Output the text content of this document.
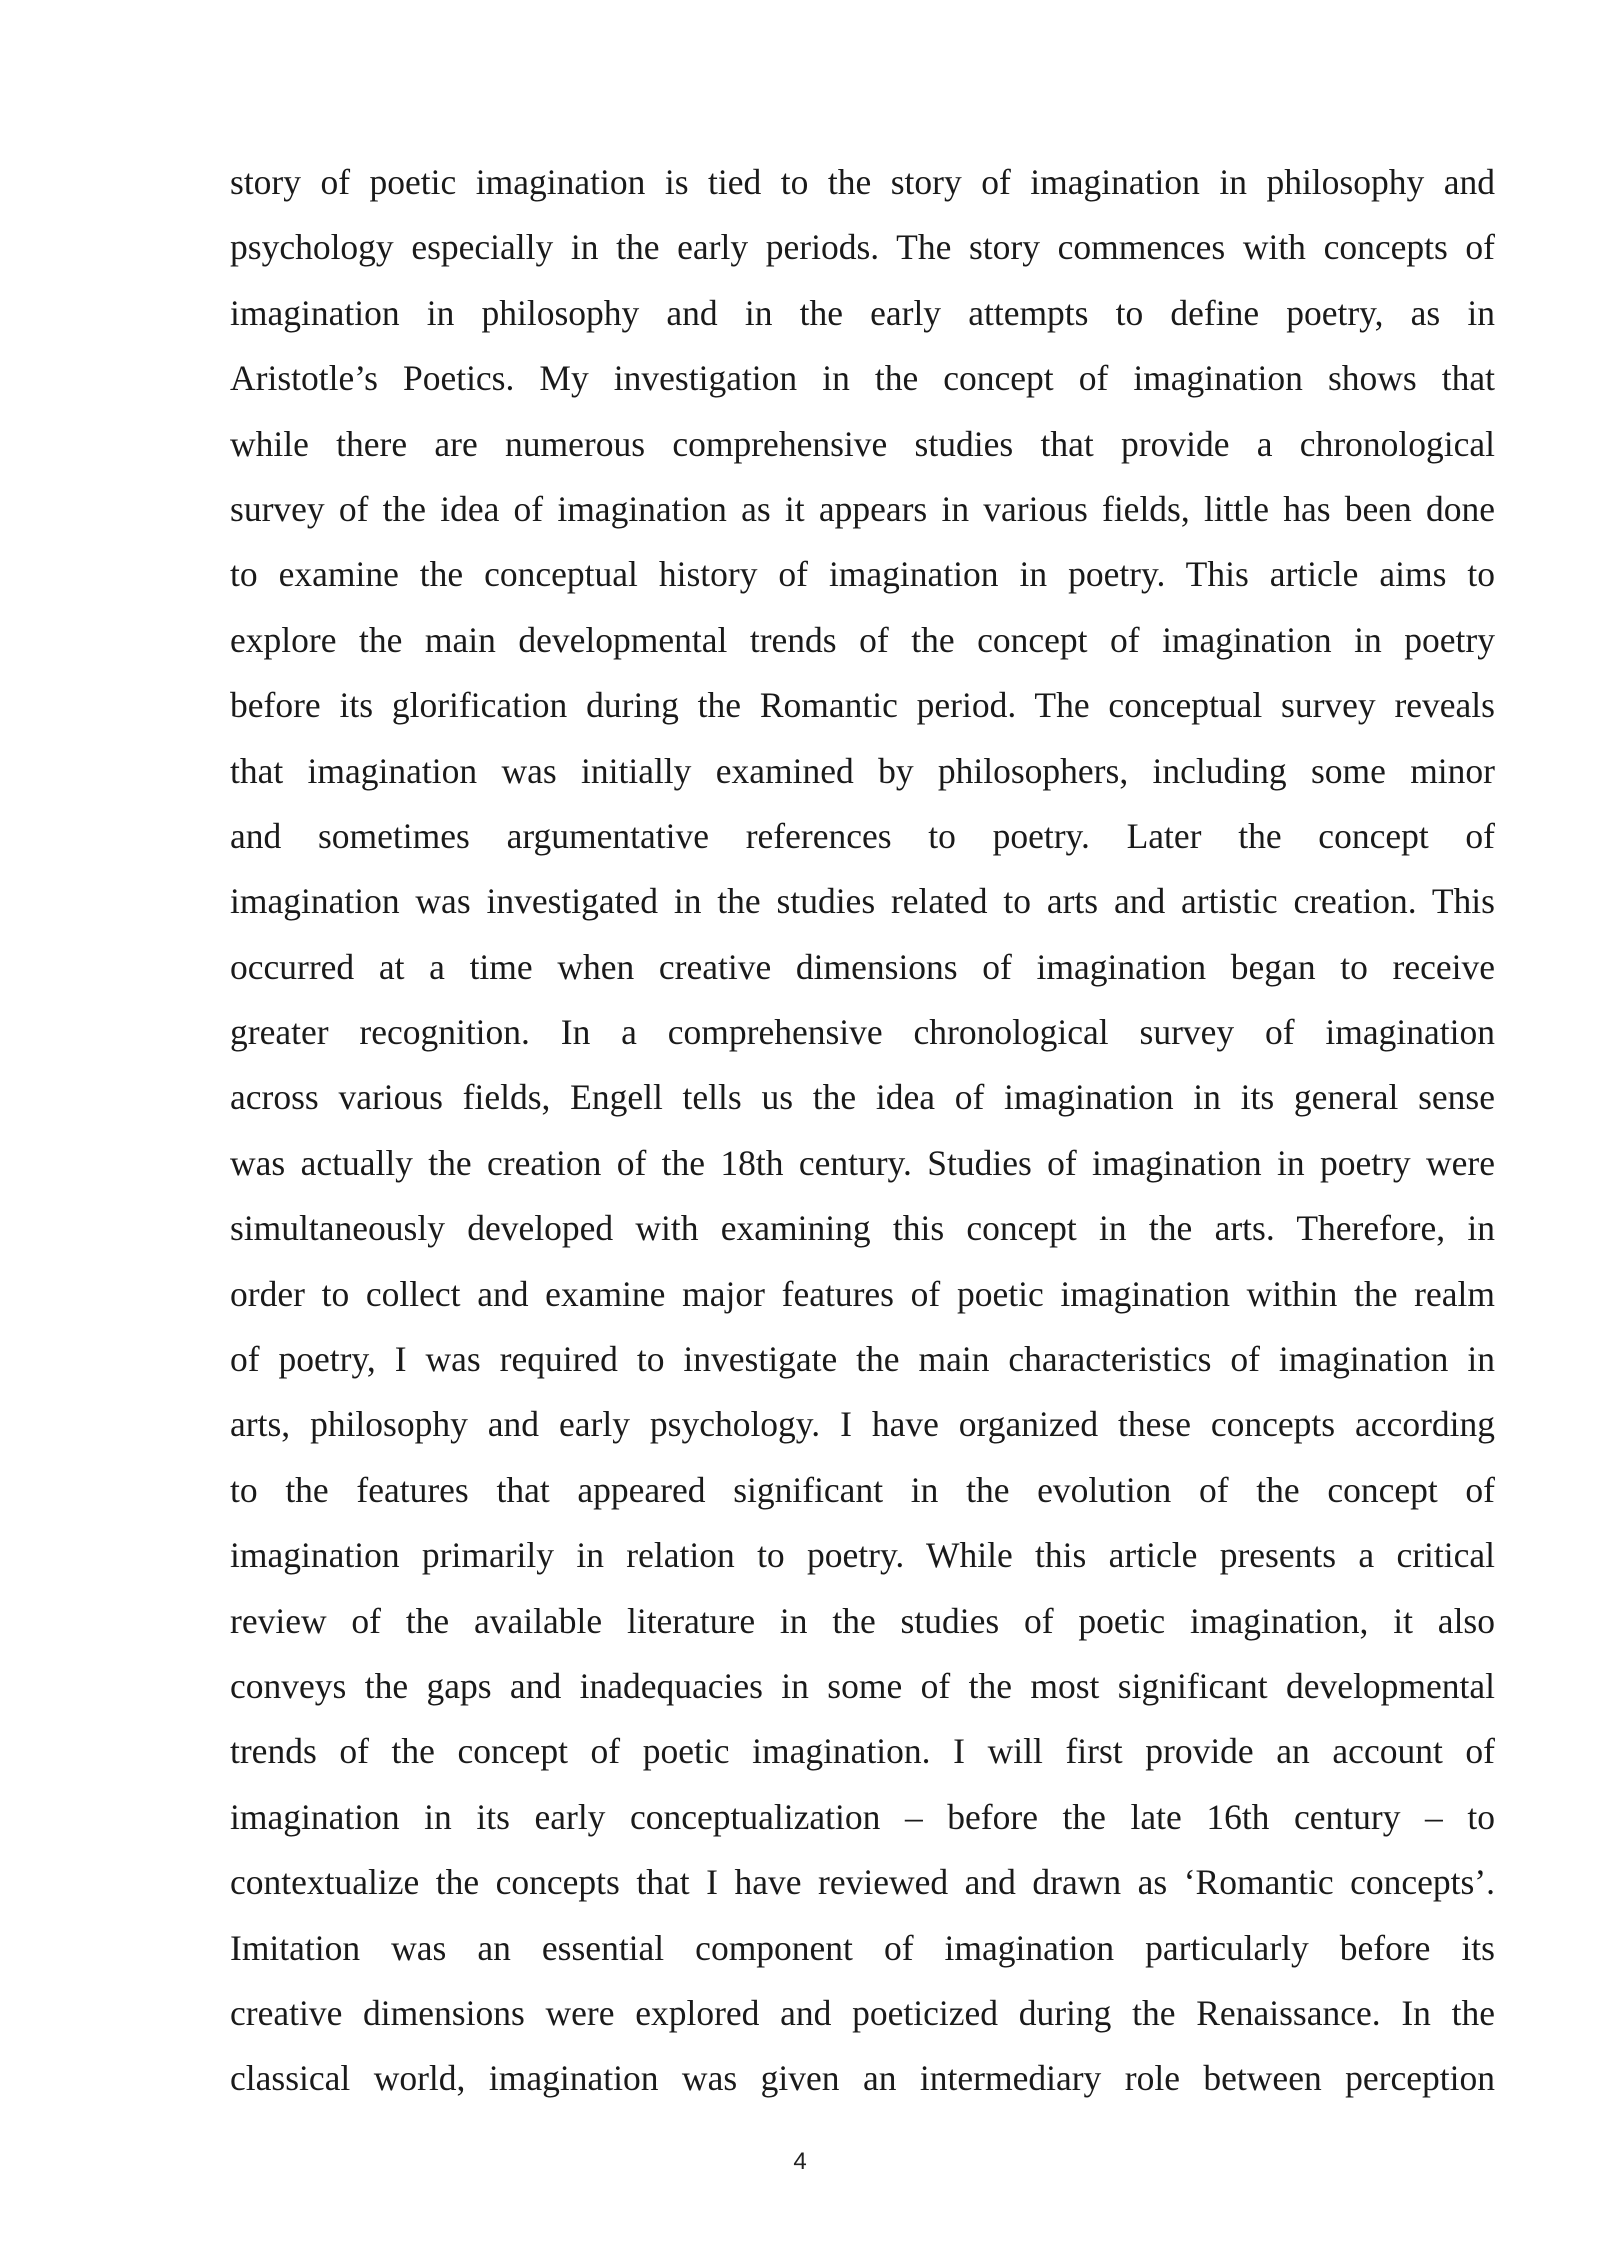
story of poetic imagination is tied to the story of imagination in philosophy and
psychology especially in the early periods. The story commences with concepts of
imagination in philosophy and in the early attempts to define poetry, as in
Aristotle’s Poetics. My investigation in the concept of imagination shows that
while there are numerous comprehensive studies that provide a chronological
survey of the idea of imagination as it appears in various fields, little has been done
to examine the conceptual history of imagination in poetry. This article aims to
explore the main developmental trends of the concept of imagination in poetry
before its glorification during the Romantic period. The conceptual survey reveals
that imagination was initially examined by philosophers, including some minor
and sometimes argumentative references to poetry. Later the concept of
imagination was investigated in the studies related to arts and artistic creation. This
occurred at a time when creative dimensions of imagination began to receive
greater recognition. In a comprehensive chronological survey of imagination
across various fields, Engell tells us the idea of imagination in its general sense
was actually the creation of the 18th century. Studies of imagination in poetry were
simultaneously developed with examining this concept in the arts. Therefore, in
order to collect and examine major features of poetic imagination within the realm
of poetry, I was required to investigate the main characteristics of imagination in
arts, philosophy and early psychology. I have organized these concepts according
to the features that appeared significant in the evolution of the concept of
imagination primarily in relation to poetry. While this article presents a critical
review of the available literature in the studies of poetic imagination, it also
conveys the gaps and inadequacies in some of the most significant developmental
trends of the concept of poetic imagination. I will first provide an account of
imagination in its early conceptualization – before the late 16th century – to
contextualize the concepts that I have reviewed and drawn as ‘Romantic concepts’.
Imitation was an essential component of imagination particularly before its
creative dimensions were explored and poeticized during the Renaissance. In the
classical world, imagination was given an intermediary role between perception
4
